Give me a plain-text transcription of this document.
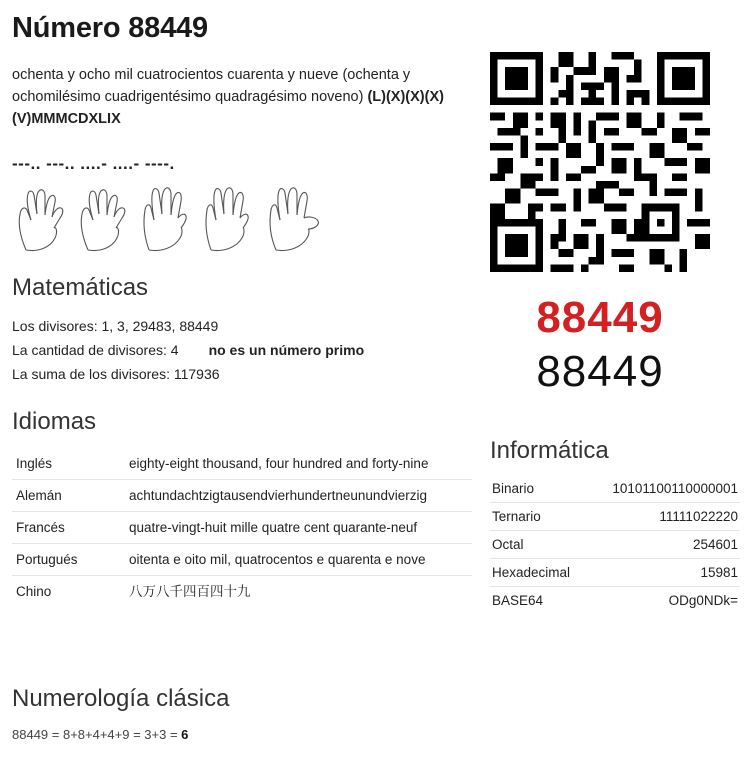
Número 88449
ochenta y ocho mil cuatrocientos cuarenta y nueve (ochenta y ochomilésimo cuadrigentésimo quadragésimo noveno) (L)(X)(X)(X)(V)MMMCDXLIX
---.. ---.. ....- ....- ----.
Matemáticas
Los divisores: 1, 3, 29483, 88449
La cantidad de divisores: 4 no es un número primo
La suma de los divisores: 117936
Idiomas
Inglés	eighty-eight thousand, four hundred and forty-nine
Alemán	achtundachtzigtausendvierhundertneunundvierzig
Francés	quatre-vingt-huit mille quatre cent quarante-neuf
Portugués	oitenta e oito mil, quatrocentos e quarenta e nove
Chino	八万八千四百四十九
88449
88449
Informática
Binario	10101100110000001
Ternario	11111022220
Octal	254601
Hexadecimal	15981
BASE64	ODg0NDk=
Numerología clásica
88449 = 8+8+4+4+9 = 3+3 = 6
